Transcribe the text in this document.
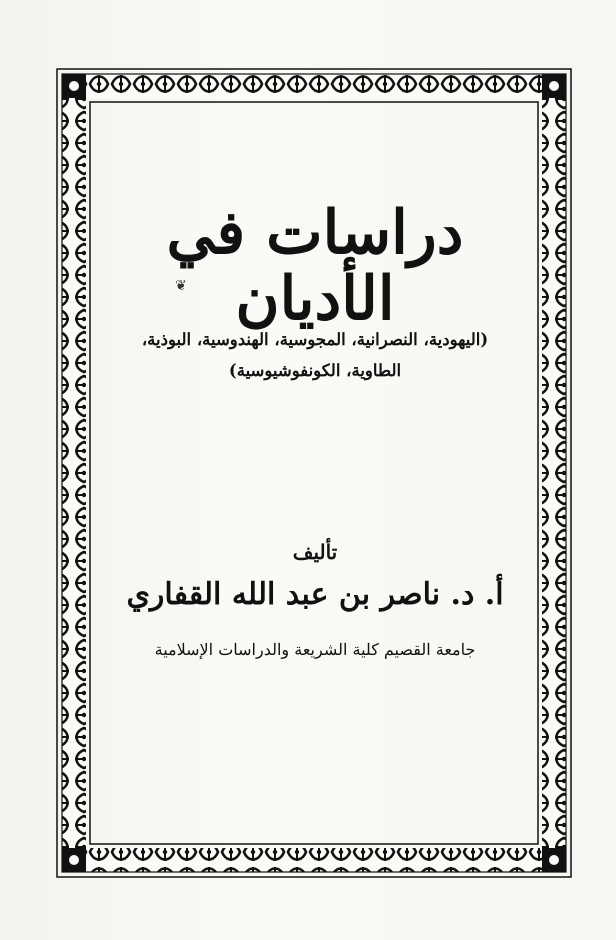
دراسات في الأديان
❦
(اليهودية، النصرانية، المجوسية، الهندوسية، البوذية،
الطاوية، الكونفوشيوسية)
تأليف
أ. د. ناصر بن عبد الله القفاري
جامعة القصيم كلية الشريعة والدراسات الإسلامية
